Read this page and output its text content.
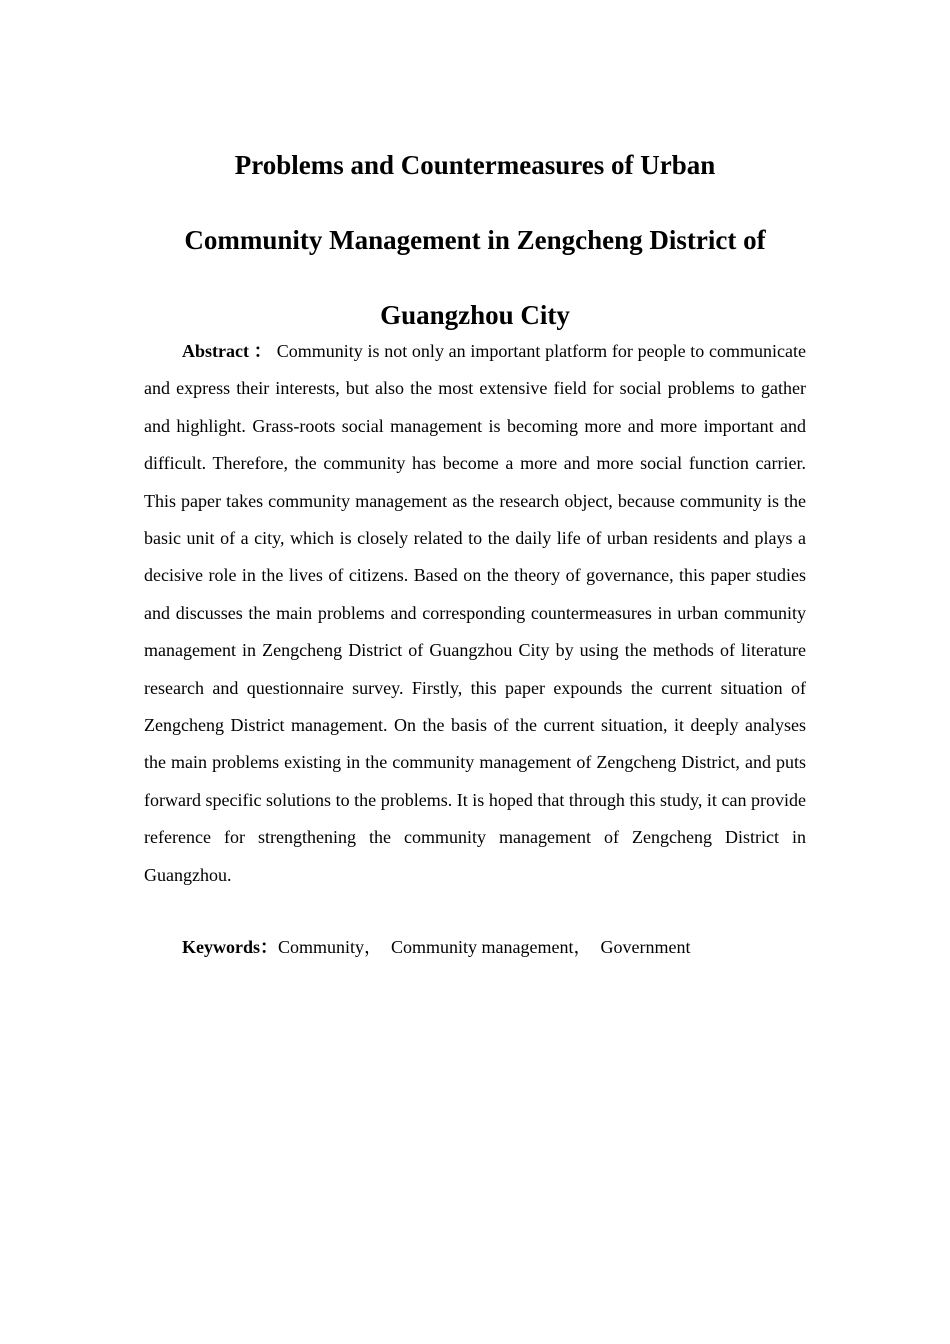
Problems and Countermeasures of Urban
Community Management in Zengcheng District of
Guangzhou City

Abstract ： Community is not only an important platform for people to communicate and express their interests, but also the most extensive field for social problems to gather and highlight. Grass-roots social management is becoming more and more important and difficult. Therefore, the community has become a more and more social function carrier. This paper takes community management as the research object, because community is the basic unit of a city, which is closely related to the daily life of urban residents and plays a decisive role in the lives of citizens. Based on the theory of governance, this paper studies and discusses the main problems and corresponding countermeasures in urban community management in Zengcheng District of Guangzhou City by using the methods of literature research and questionnaire survey. Firstly, this paper expounds the current situation of Zengcheng District management. On the basis of the current situation, it deeply analyses the main problems existing in the community management of Zengcheng District, and puts forward specific solutions to the problems. It is hoped that through this study, it can provide reference for strengthening the community management of Zengcheng District in Guangzhou.

Keywords：Community，  Community management，  Government
